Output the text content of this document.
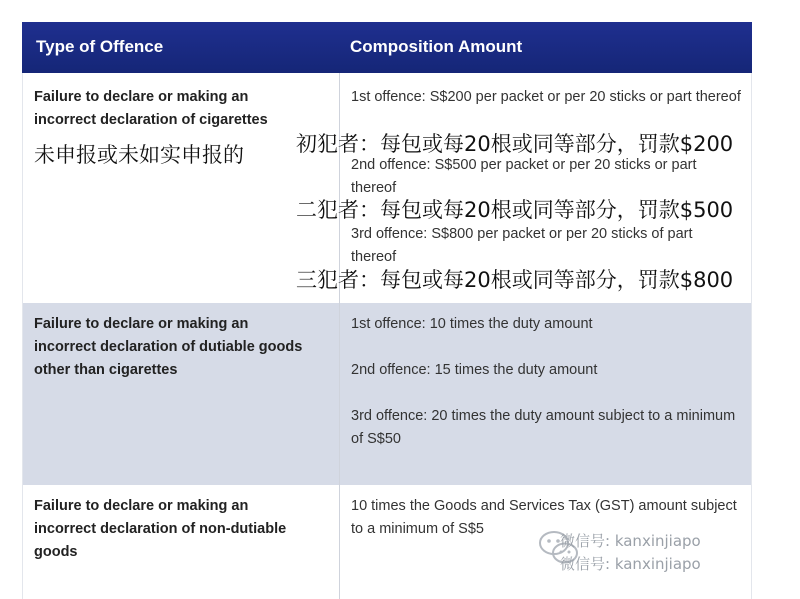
Type of Offence	Composition Amount
Failure to declare or making an incorrect declaration of cigarettes
未申报或未如实申报的
1st offence: S$200 per packet or per 20 sticks or part thereof
2nd offence: S$500 per packet or per 20 sticks or part thereof
3rd offence: S$800 per packet or per 20 sticks of part thereof
Failure to declare or making an incorrect declaration of dutiable goods other than cigarettes
1st offence: 10 times the duty amount
2nd offence: 15 times the duty amount
3rd offence: 20 times the duty amount subject to a minimum of S$50
Failure to declare or making an incorrect declaration of non-dutiable goods
10 times the Goods and Services Tax (GST) amount subject to a minimum of S$5
初犯者：每包或每20根或同等部分，罚款$200
二犯者：每包或每20根或同等部分，罚款$500
三犯者：每包或每20根或同等部分，罚款$800
微信号: kanxinjiapo
微信号: kanxinjiapo
